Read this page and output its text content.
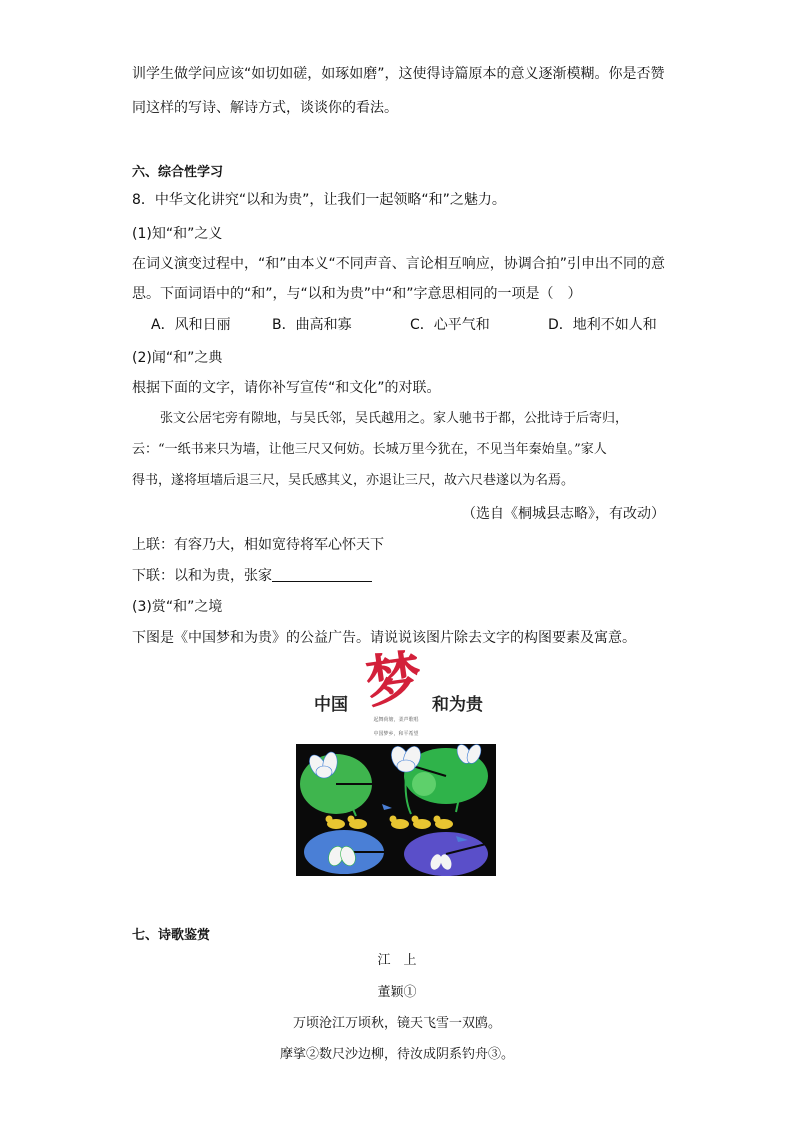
训学生做学问应该“如切如磋，如琢如磨”，这使得诗篇原本的意义逐渐模糊。你是否赞
同这样的写诗、解诗方式，谈谈你的看法。
六、综合性学习
8．中华文化讲究“以和为贵”，让我们一起领略“和”之魅力。
(1)知“和”之义
在词义演变过程中，“和”由本义“不同声音、言论相互响应，协调合拍”引申出不同的意
思。下面词语中的“和”，与“以和为贵”中“和”字意思相同的一项是（　）
A．风和日丽	B．曲高和寡	C．心平气和	D．地利不如人和
(2)闻“和”之典
根据下面的文字，请你补写宣传“和文化”的对联。
张文公居宅旁有隙地，与吴氏邻，吴氏越用之。家人驰书于都，公批诗于后寄归，
云：“一纸书来只为墙，让他三尺又何妨。长城万里今犹在，不见当年秦始皇。”家人
得书，遂将垣墙后退三尺，吴氏感其义，亦退让三尺，故六尺巷遂以为名焉。
（选自《桐城县志略》，有改动）
上联：有容乃大，相如宽待将军心怀天下
下联：以和为贵，张家
(3)赏“和”之境
下图是《中国梦和为贵》的公益广告。请说说该图片除去文字的构图要素及寓意。
中国 梦 和为贵
起舞荷塘，柔声歌唱
中国梦乡，和平希望
七、诗歌鉴赏
江　上
董颖①
万顷沧江万顷秋，镜天飞雪一双鸥。
摩挲②数尺沙边柳，待汝成阴系钓舟③。
